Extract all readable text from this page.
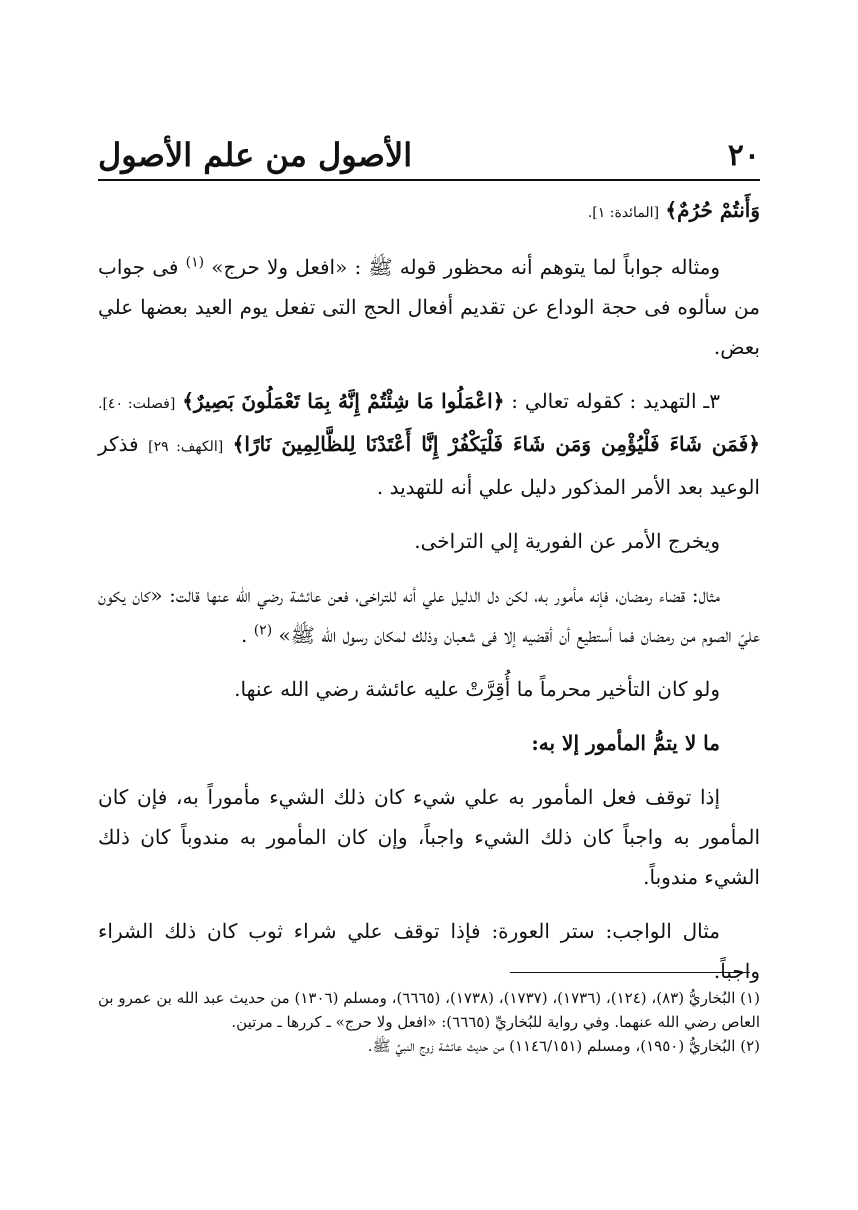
٢٠
الأصول من علم الأصول

وَأَنتُمْ حُرُمٌ﴾ [المائدة: ١].

ومثاله جواباً لما يتوهم أنه محظور قوله ﷺ : «افعل ولا حرج» $^{(١)}$ فى جواب من سألوه فى حجة الوداع عن تقديم أفعال الحج التى تفعل يوم العيد بعضها علي بعض.

٣ـ التهديد : كقوله تعالي : ﴿اعْمَلُوا مَا شِئْتُمْ إِنَّهُ بِمَا تَعْمَلُونَ بَصِيرٌ﴾ [فصلت: ٤٠]. ﴿فَمَن شَاءَ فَلْيُؤْمِن وَمَن شَاءَ فَلْيَكْفُرْ إِنَّا أَعْتَدْنَا لِلظَّالِمِينَ نَارًا﴾ [الكهف: ٢٩] فذكر الوعيد بعد الأمر المذكور دليل علي أنه للتهديد .

ويخرج الأمر عن الفورية إلي التراخى.

مثال: قضاء رمضان، فإنه مأمور به، لكن دل الدليل علي أنه للتراخى، فعن عائشة رضي الله عنها قالت: «كان يكون عليّ الصوم من رمضان فما أستطيع أن أقضيه إلا فى شعبان وذلك لمكان رسول الله ﷺ» $^{(٢)}$ .

ولو كان التأخير محرماً ما أُقِرَّتْ عليه عائشة رضي الله عنها.

ما لا يتمُّ المأمور إلا به:

إذا توقف فعل المأمور به علي شيء كان ذلك الشيء مأموراً به، فإن كان المأمور به واجباً كان ذلك الشيء واجباً، وإن كان المأمور به مندوباً كان ذلك الشيء مندوباً.

مثال الواجب: ستر العورة: فإذا توقف علي شراء ثوب كان ذلك الشراء واجباً.

(١) البُخاريُّ (٨٣)، (١٢٤)، (١٧٣٦)، (١٧٣٧)، (١٧٣٨)، (٦٦٦٥)، ومسلم (١٣٠٦) من حديث عبد الله بن عمرو بن العاص رضي الله عنهما. وفي رواية للبُخاريِّ (٦٦٦٥): «افعل ولا حرج» ـ كررها ـ مرتين.

(٢) البُخاريُّ (١٩٥٠)، ومسلم (١١٤٦/١٥١) من حديث عائشة زوج النبيِّ ﷺ.
